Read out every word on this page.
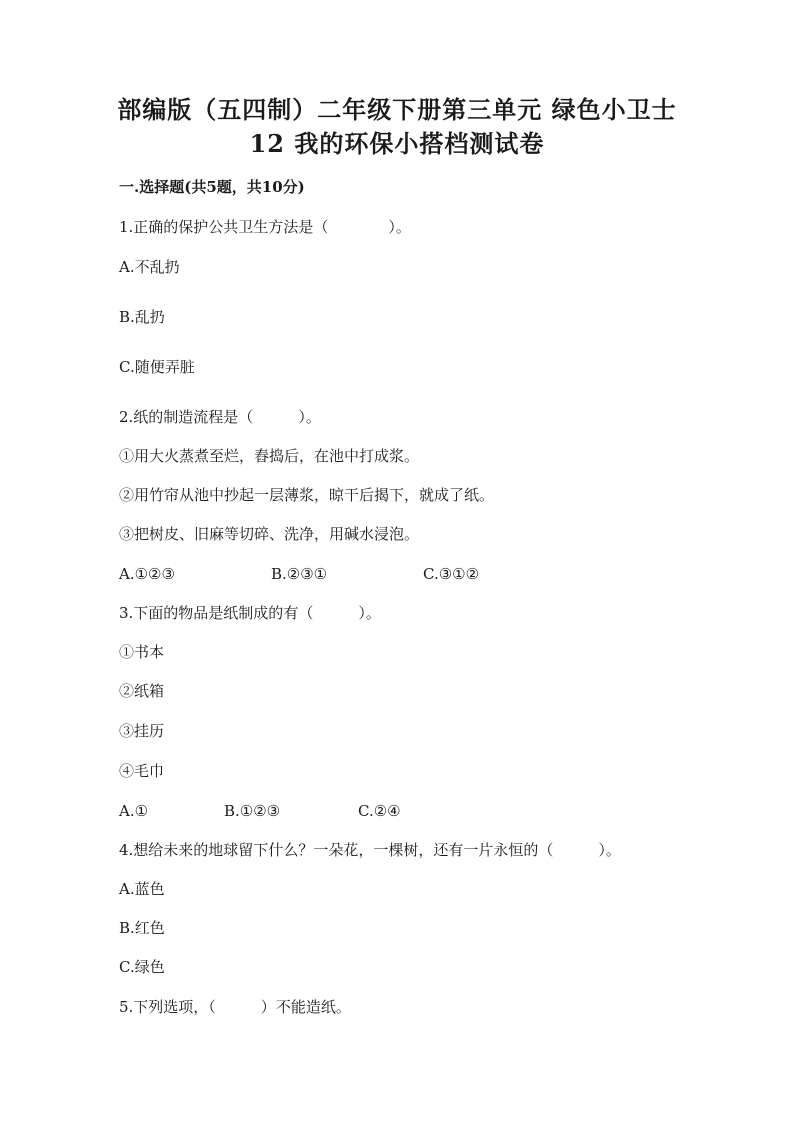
部编版（五四制）二年级下册第三单元 绿色小卫士
12 我的环保小搭档测试卷
一.选择题(共5题，共10分)
1.正确的保护公共卫生方法是（　　　　）。
A.不乱扔
B.乱扔
C.随便弄脏
2.纸的制造流程是（　　　）。
①用大火蒸煮至烂，舂捣后，在池中打成浆。
②用竹帘从池中抄起一层薄浆，晾干后揭下，就成了纸。
③把树皮、旧麻等切碎、洗净，用碱水浸泡。

A.①②③

	B.②③①

	C.③①②

3.下面的物品是纸制成的有（　　　）。
①书本
②纸箱
③挂历
④毛巾

A.①

	B.①②③

	C.②④

4.想给未来的地球留下什么？一朵花，一棵树，还有一片永恒的（　　　）。
A.蓝色
B.红色
C.绿色
5.下列选项，（　　　）不能造纸。
